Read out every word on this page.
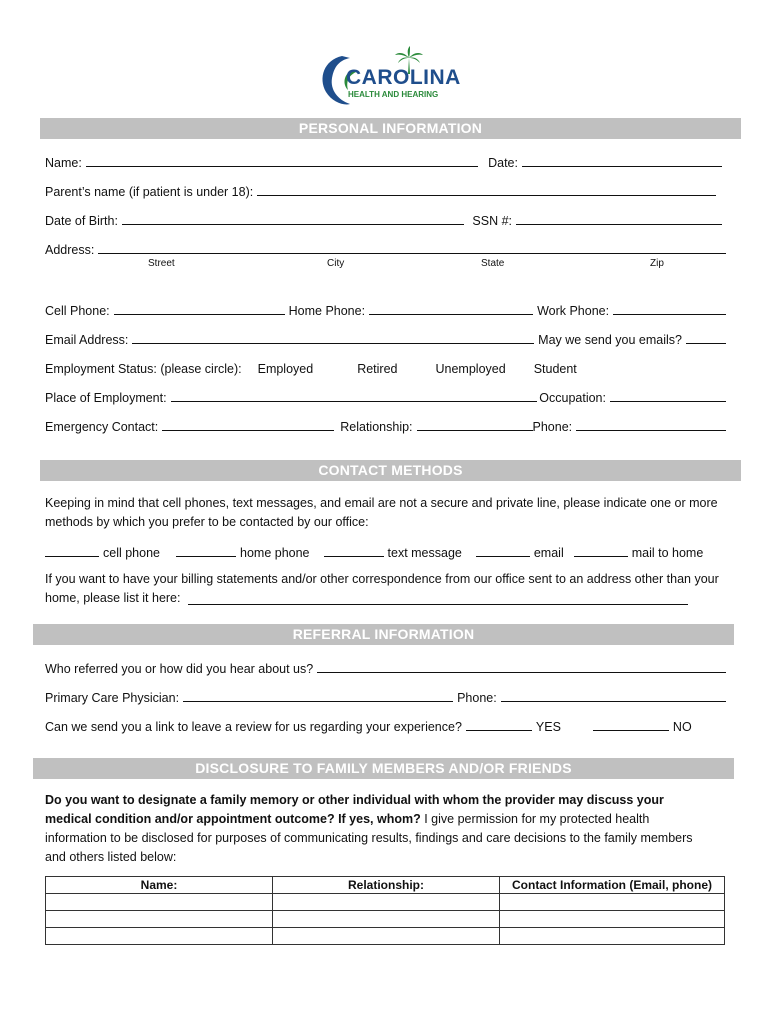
CAROLINA
HEALTH AND HEARING
PERSONAL INFORMATION
Name:	Date:
Parent’s name (if patient is under 18):
Date of Birth:	SSN #:
Address:
Street	City	State	Zip
Cell Phone:	Home Phone:	Work Phone:
Email Address:	May we send you emails?
Employment Status: (please circle): Employed	Retired	Unemployed Student
Place of Employment:	Occupation:
Emergency Contact:	Relationship:	Phone:
CONTACT METHODS
Keeping in mind that cell phones, text messages, and email are not a secure and private line, please indicate one or more methods by which you prefer to be contacted by our office:
cell phone	home phone	text message	email	mail to home
If you want to have your billing statements and/or other correspondence from our office sent to an address other than your home, please list it here:
REFERRAL INFORMATION
Who referred you or how did you hear about us?
Primary Care Physician:	Phone:
Can we send you a link to leave a review for us regarding your experience?	YES	NO
DISCLOSURE TO FAMILY MEMBERS AND/OR FRIENDS
Do you want to designate a family memory or other individual with whom the provider may discuss your medical condition and/or appointment outcome? If yes, whom? I give permission for my protected health information to be disclosed for purposes of communicating results, findings and care decisions to the family members and others listed below:
Name:	Relationship:	Contact Information (Email, phone)
